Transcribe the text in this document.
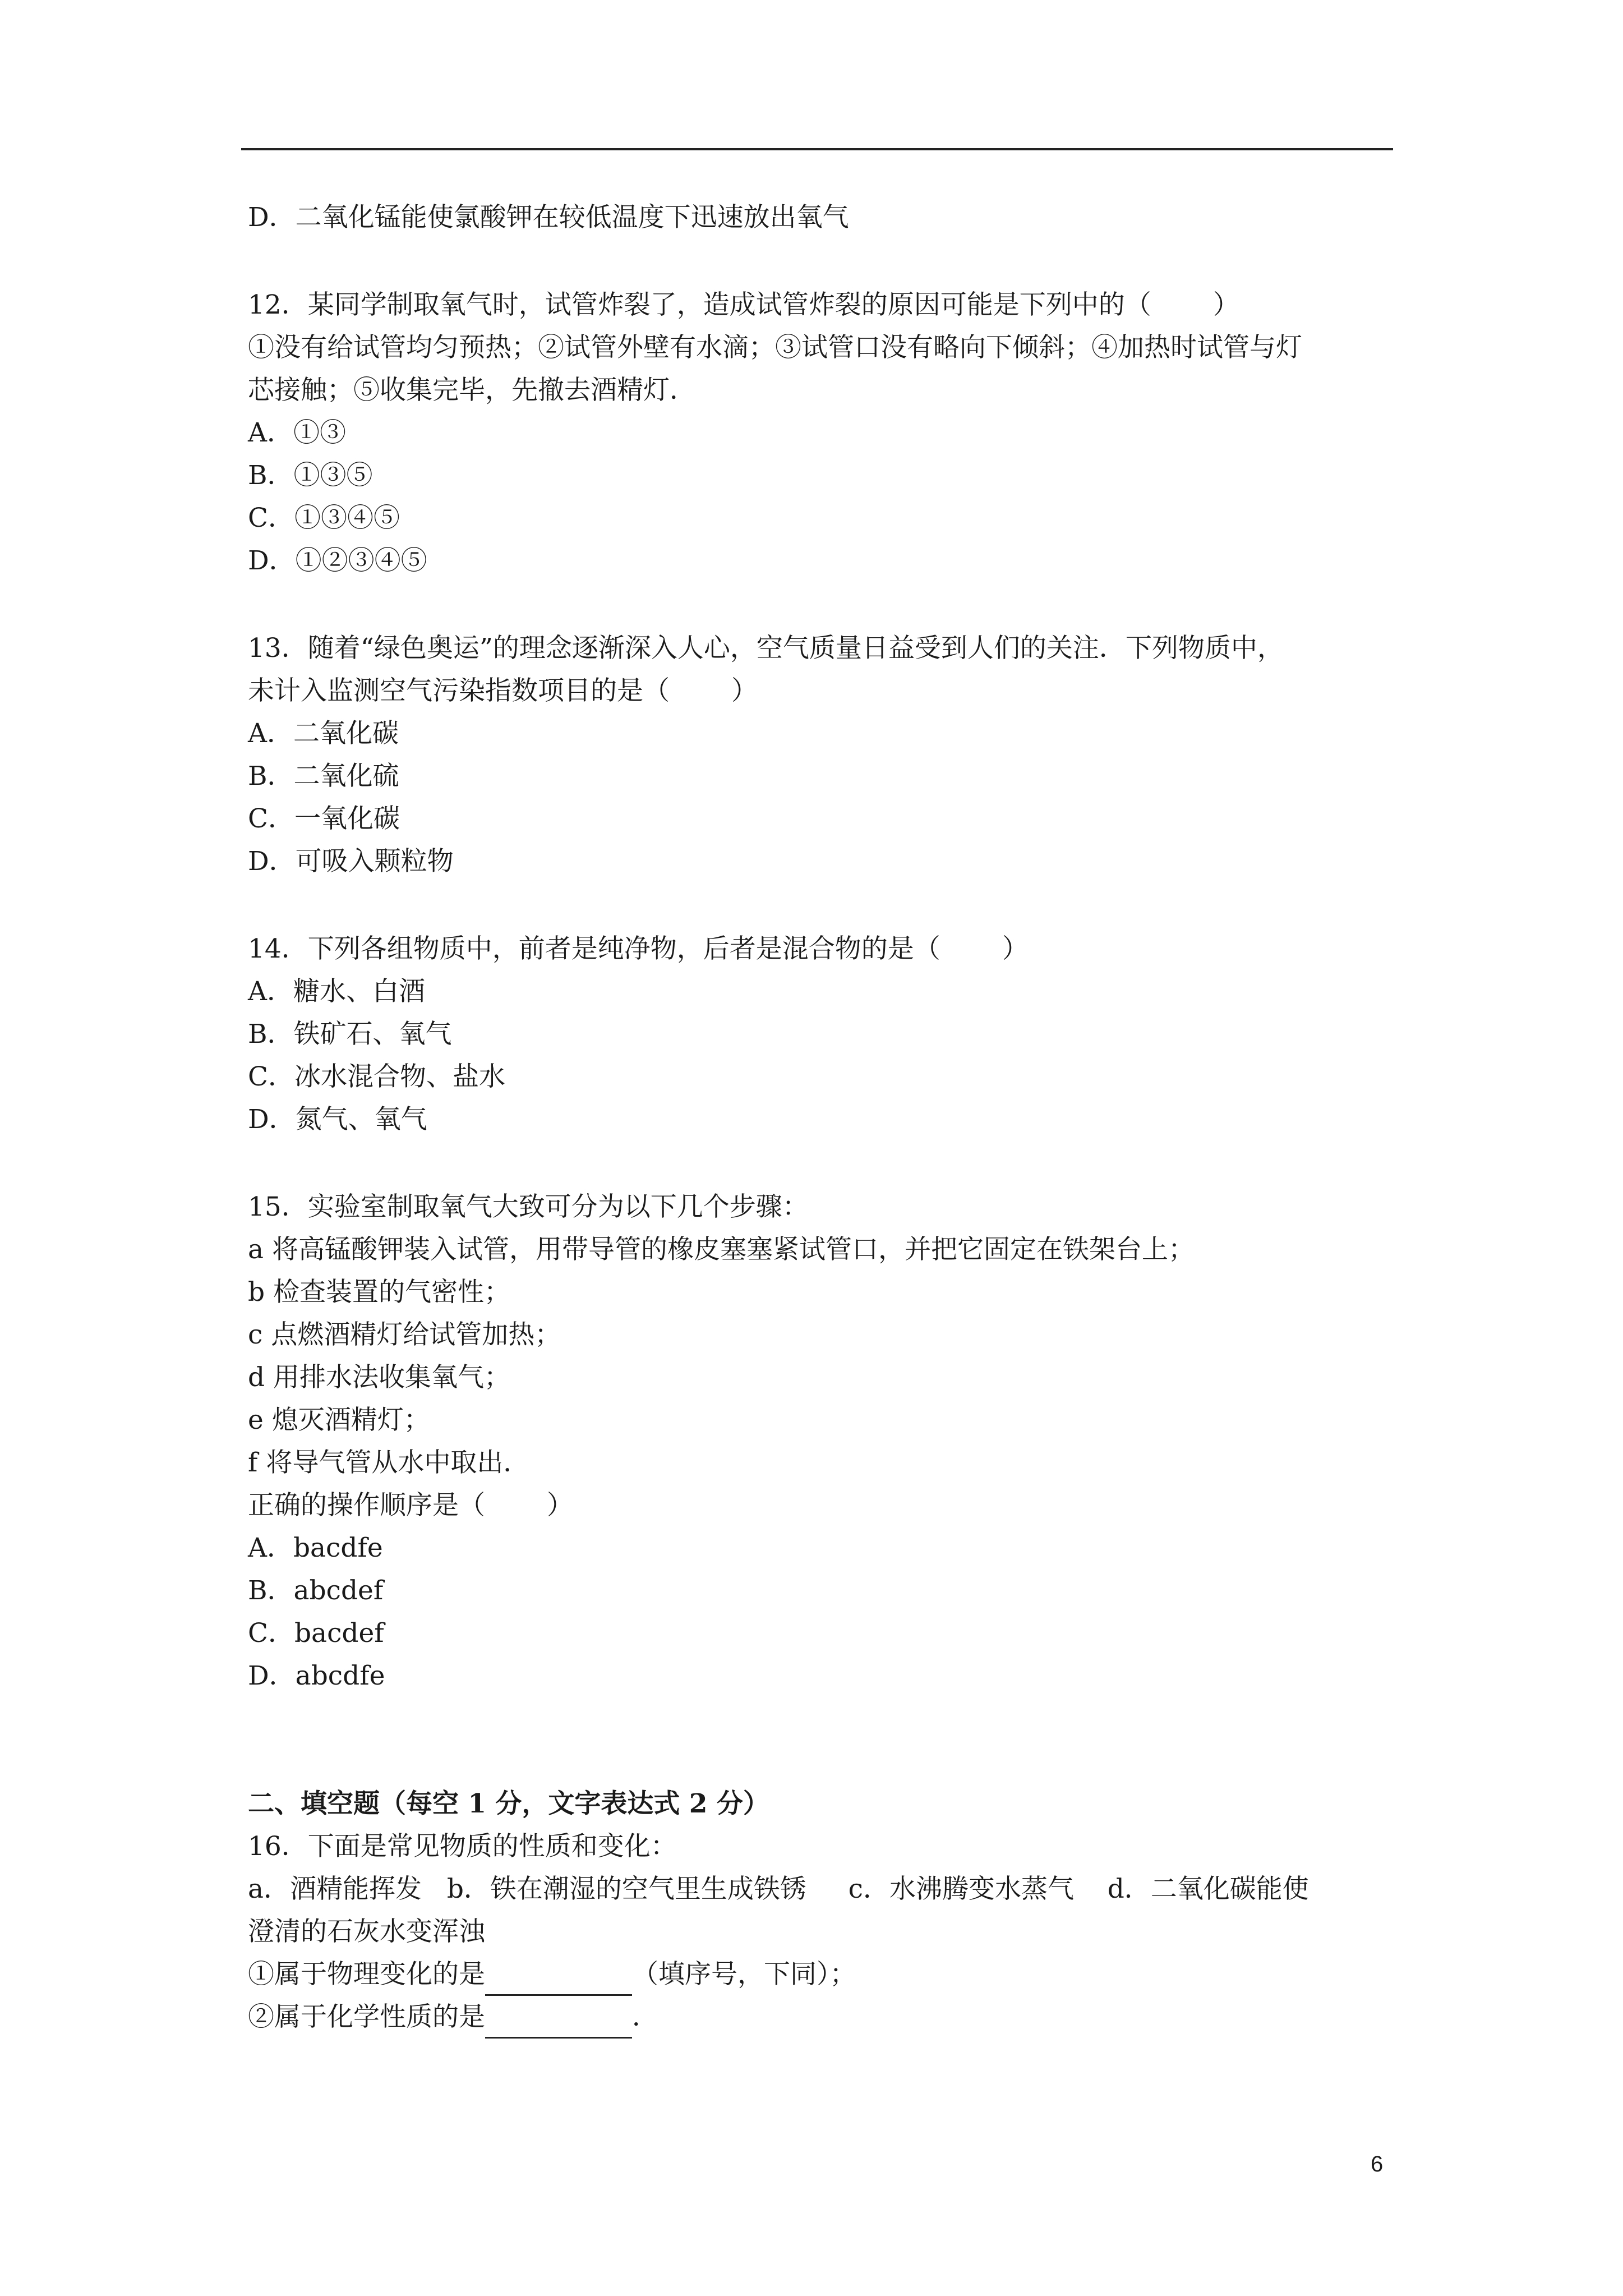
D．二氧化锰能使氯酸钾在较低温度下迅速放出氧气
12．某同学制取氧气时，试管炸裂了，造成试管炸裂的原因可能是下列中的（ ）
①没有给试管均匀预热；②试管外壁有水滴；③试管口没有略向下倾斜；④加热时试管与灯
芯接触；⑤收集完毕，先撤去酒精灯．
A．①③
B．①③⑤
C．①③④⑤
D．①②③④⑤
13．随着“绿色奥运”的理念逐渐深入人心，空气质量日益受到人们的关注．下列物质中，
未计入监测空气污染指数项目的是（ ）
A．二氧化碳
B．二氧化硫
C．一氧化碳
D．可吸入颗粒物
14．下列各组物质中，前者是纯净物，后者是混合物的是（ ）
A．糖水、白酒
B．铁矿石、氧气
C．冰水混合物、盐水
D．氮气、氧气
15．实验室制取氧气大致可分为以下几个步骤：
a 将高锰酸钾装入试管，用带导管的橡皮塞塞紧试管口，并把它固定在铁架台上；
b 检查装置的气密性；
c 点燃酒精灯给试管加热；
d 用排水法收集氧气；
e 熄灭酒精灯；
f 将导气管从水中取出．
正确的操作顺序是（ ）
A．bacdfe
B．abcdef
C．bacdef
D．abcdfe
二、填空题（每空 1 分，文字表达式 2 分）
16．下面是常见物质的性质和变化：
a．酒精能挥发   b．铁在潮湿的空气里生成铁锈     c．水沸腾变水蒸气    d．二氧化碳能使
澄清的石灰水变浑浊
①属于物理变化的是	（填序号，下同）；
②属于化学性质的是	．
6
